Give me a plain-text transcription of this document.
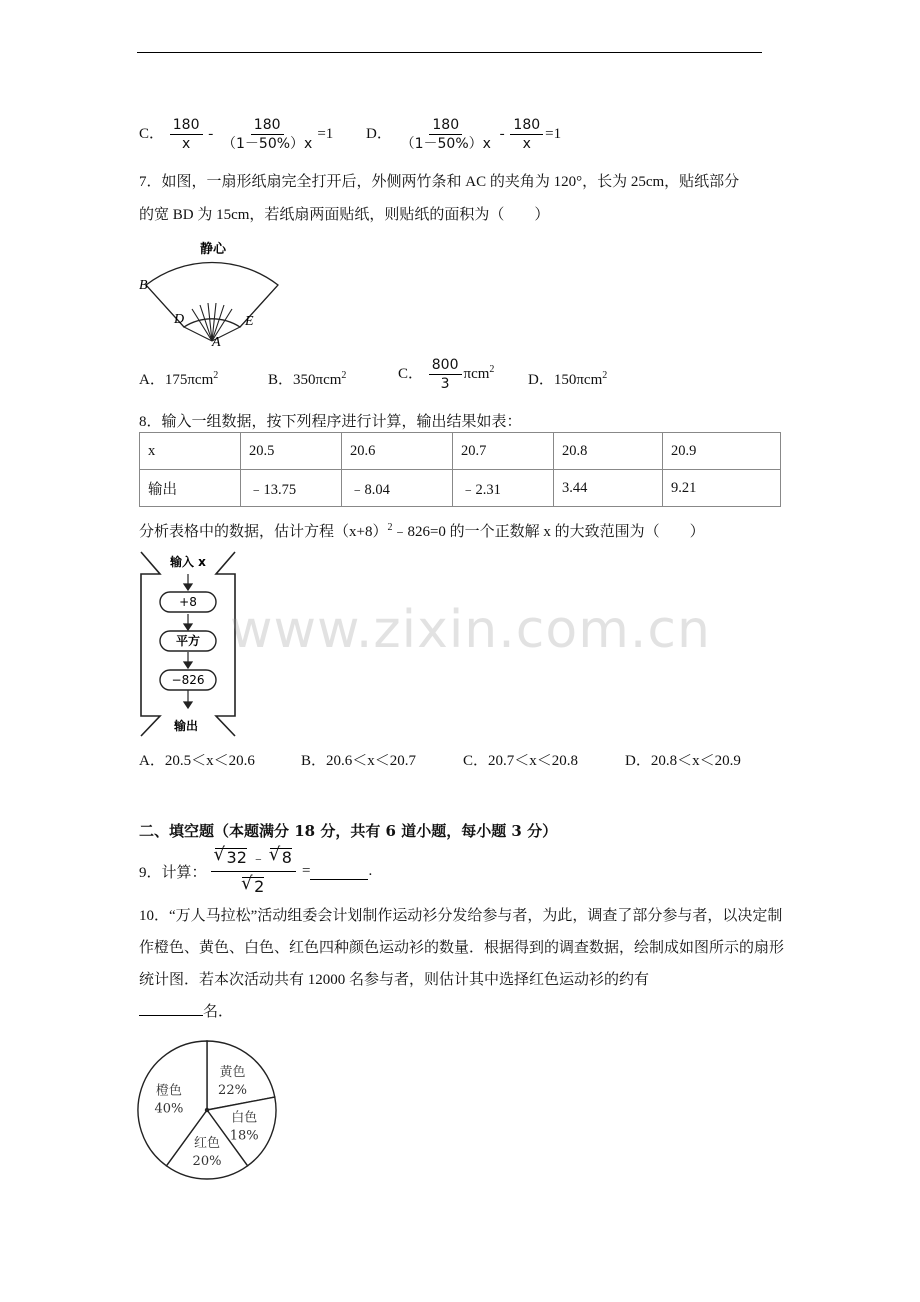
C． $\frac{180}{x} - \frac{180}{(1-50\%)x} =1$ D． $\frac{180}{(1-50\%)x} - \frac{180}{x} =1$
7．如图，一扇形纸扇完全打开后，外侧两竹条和 AC 的夹角为 120°，长为 25cm，贴纸部分
的宽 BD 为 15cm，若纸扇两面贴纸，则贴纸的面积为（　　）
静心
B
D	E
A
A．175πcm$^2$	B．350πcm$^2$	C． $\frac{800}{3} \pi cm^2$
D．150πcm$^2$
8．输入一组数据，按下列程序进行计算，输出结果如表：
x	20.5	20.6	20.7	20.8	20.9
输出	﹣13.75	﹣8.04	﹣2.31	3.44	9.21
分析表格中的数据，估计方程$(x+8)^2﹣826=0$ 的一个正数解 x 的大致范围为（　　）
输入 x
+8
平方
−826
输出
www.zixin.com.cn
A．20.5＜x＜20.6	B．20.6＜x＜20.7	C．20.7＜x＜20.8	D．20.8＜x＜20.9
二、填空题（本题满分 18 分，共有 6 道小题，每小题 3 分）
9．计算： √ 32 ﹣ √ 8
√ 2 =	.
10．“万人马拉松”活动组委会计划制作运动衫分发给参与者，为此，调查了部分参与者，以决定制作橙色、黄色、白色、红色四种颜色运动衫的数量．根据得到的调查数据，绘制成如图所示的扇形统计图．若本次活动共有 12000 名参与者，则估计其中选择红色运动衫的约有
名．
黄色
22%
白色
18%
红色
20%
橙色
40%
